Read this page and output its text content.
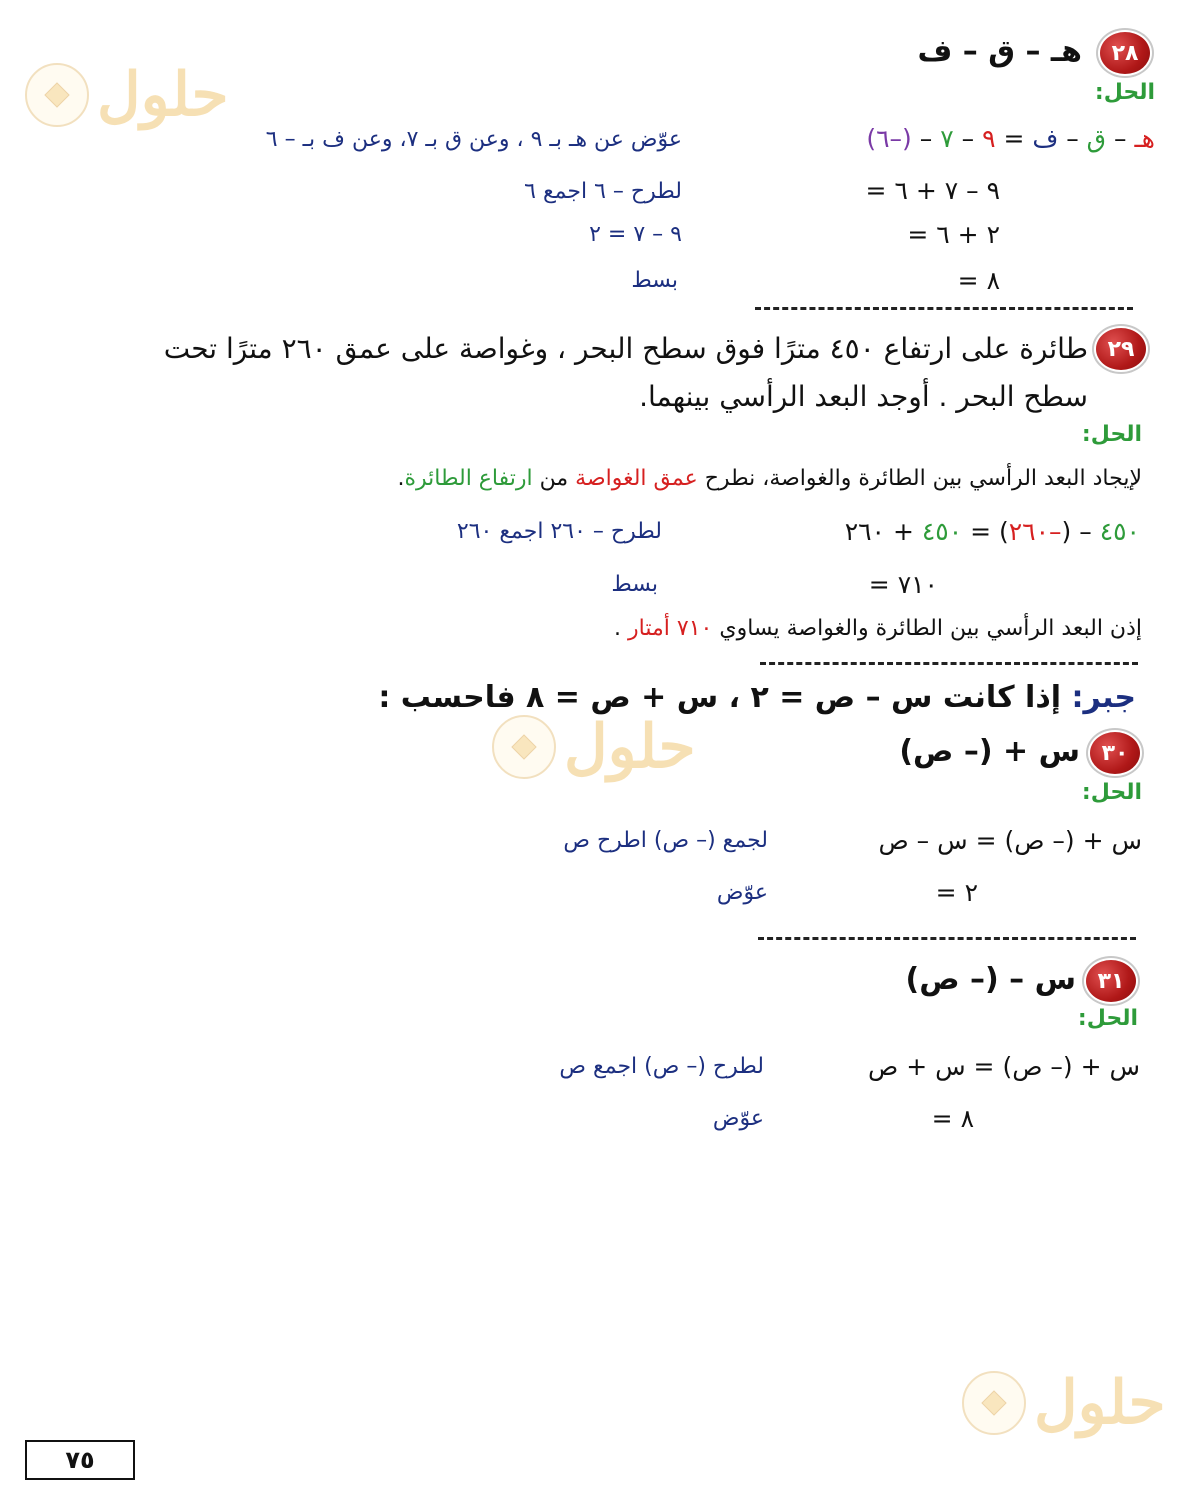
حلول
حلول
حلول
٢٨
هـ – ق – ف
الحل:
هـ – ق – ف = ٩ – ٧ – (–٦)
عوّض عن هـ بـ ٩ ، وعن ق بـ ٧، وعن ف بـ – ٦
= ٩ – ٧ + ٦
لطرح – ٦ اجمع ٦
= ٢ + ٦
٩ – ٧ = ٢
= ٨
بسط
٢٩
طائرة على ارتفاع ٤٥٠ مترًا فوق سطح البحر ، وغواصة على عمق ٢٦٠ مترًا تحت
سطح البحر . أوجد البعد الرأسي بينهما.
الحل:
لإيجاد البعد الرأسي بين الطائرة والغواصة، نطرح عمق الغواصة من ارتفاع الطائرة.
٤٥٠ – (–٢٦٠) = ٤٥٠ + ٢٦٠
لطرح – ٢٦٠ اجمع ٢٦٠
= ٧١٠
بسط
إذن البعد الرأسي بين الطائرة والغواصة يساوي ٧١٠ أمتار .
جبر: إذا كانت س – ص = ٢ ، س + ص = ٨ فاحسب :
٣٠
س + (– ص)
الحل:
س + (– ص) = س – ص
لجمع (– ص) اطرح ص
= ٢
عوّض
٣١
س – (– ص)
الحل:
س + (– ص) = س + ص
لطرح (– ص) اجمع ص
= ٨
عوّض
٧٥
